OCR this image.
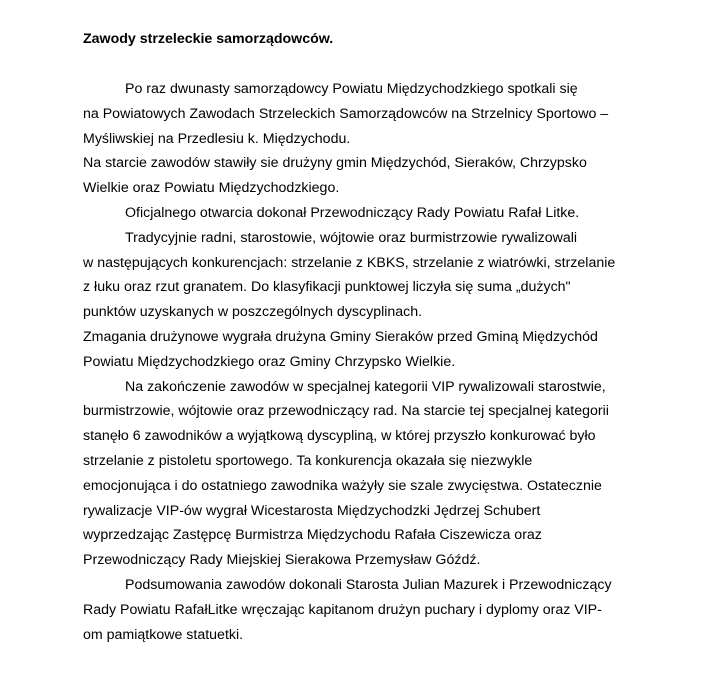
Zawody strzeleckie samorządowców.
Po raz dwunasty samorządowcy Powiatu Międzychodzkiego spotkali się
na Powiatowych Zawodach Strzeleckich Samorządowców na Strzelnicy Sportowo –
Myśliwskiej na Przedlesiu k. Międzychodu.
Na starcie zawodów stawiły sie drużyny gmin Międzychód, Sieraków, Chrzypsko
Wielkie oraz Powiatu Międzychodzkiego.
Oficjalnego otwarcia dokonał Przewodniczący Rady Powiatu Rafał Litke.
Tradycyjnie radni, starostowie, wójtowie oraz burmistrzowie rywalizowali
w następujących konkurencjach: strzelanie z KBKS, strzelanie z wiatrówki, strzelanie
z łuku oraz rzut granatem. Do klasyfikacji punktowej liczyła się suma „dużych"
punktów uzyskanych w poszczególnych dyscyplinach.
Zmagania drużynowe wygrała drużyna Gminy Sieraków przed Gminą Międzychód
Powiatu Międzychodzkiego oraz Gminy Chrzypsko Wielkie.
Na zakończenie zawodów w specjalnej kategorii VIP rywalizowali starostwie,
burmistrzowie, wójtowie oraz przewodniczący rad. Na starcie tej specjalnej kategorii
stanęło 6 zawodników a wyjątkową dyscypliną, w której przyszło konkurować było
strzelanie z pistoletu sportowego. Ta konkurencja okazała się niezwykle
emocjonująca i do ostatniego zawodnika ważyły sie szale zwycięstwa. Ostatecznie
rywalizacje VIP-ów wygrał Wicestarosta Międzychodzki Jędrzej Schubert
wyprzedzając Zastępcę Burmistrza Międzychodu Rafała Ciszewicza oraz
Przewodniczący Rady Miejskiej Sierakowa Przemysław Góźdź.
Podsumowania zawodów dokonali Starosta Julian Mazurek i Przewodniczący
Rady Powiatu RafałLitke wręczając kapitanom drużyn puchary i dyplomy oraz VIP-
om pamiątkowe statuetki.
